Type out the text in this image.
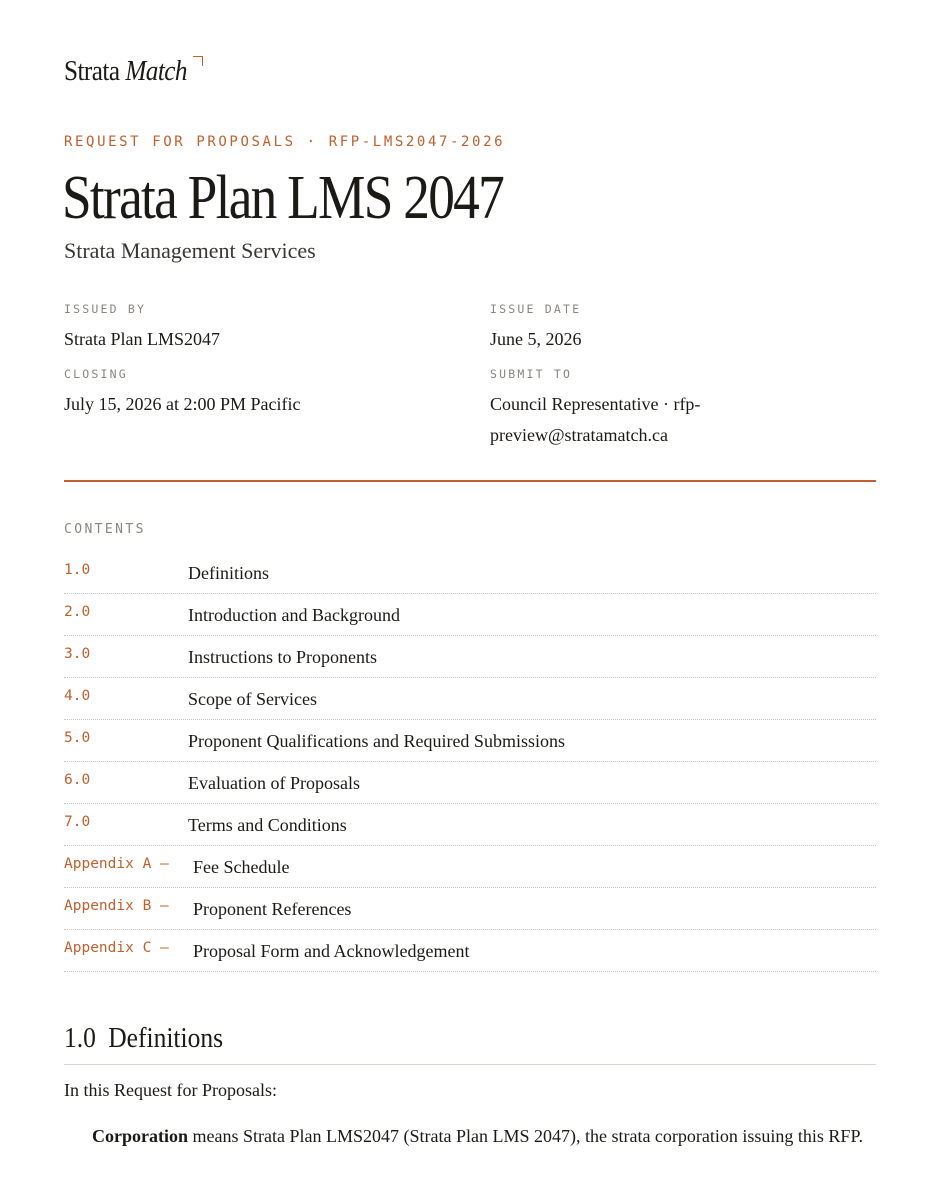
Strata Match
REQUEST FOR PROPOSALS · RFP-LMS2047-2026
Strata Plan LMS 2047
Strata Management Services
ISSUED BY
Strata Plan LMS2047
ISSUE DATE
June 5, 2026
CLOSING
July 15, 2026 at 2:00 PM Pacific
SUBMIT TO
Council Representative · rfp-preview@stratamatch.ca
CONTENTS
1.0	Definitions
2.0	Introduction and Background
3.0	Instructions to Proponents
4.0	Scope of Services
5.0	Proponent Qualifications and Required Submissions
6.0	Evaluation of Proposals
7.0	Terms and Conditions
Appendix A — Fee Schedule
Appendix B — Proponent References
Appendix C — Proposal Form and Acknowledgement
1.0 Definitions

In this Request for Proposals:

Corporation means Strata Plan LMS2047 (Strata Plan LMS 2047), the strata corporation issuing this RFP.
